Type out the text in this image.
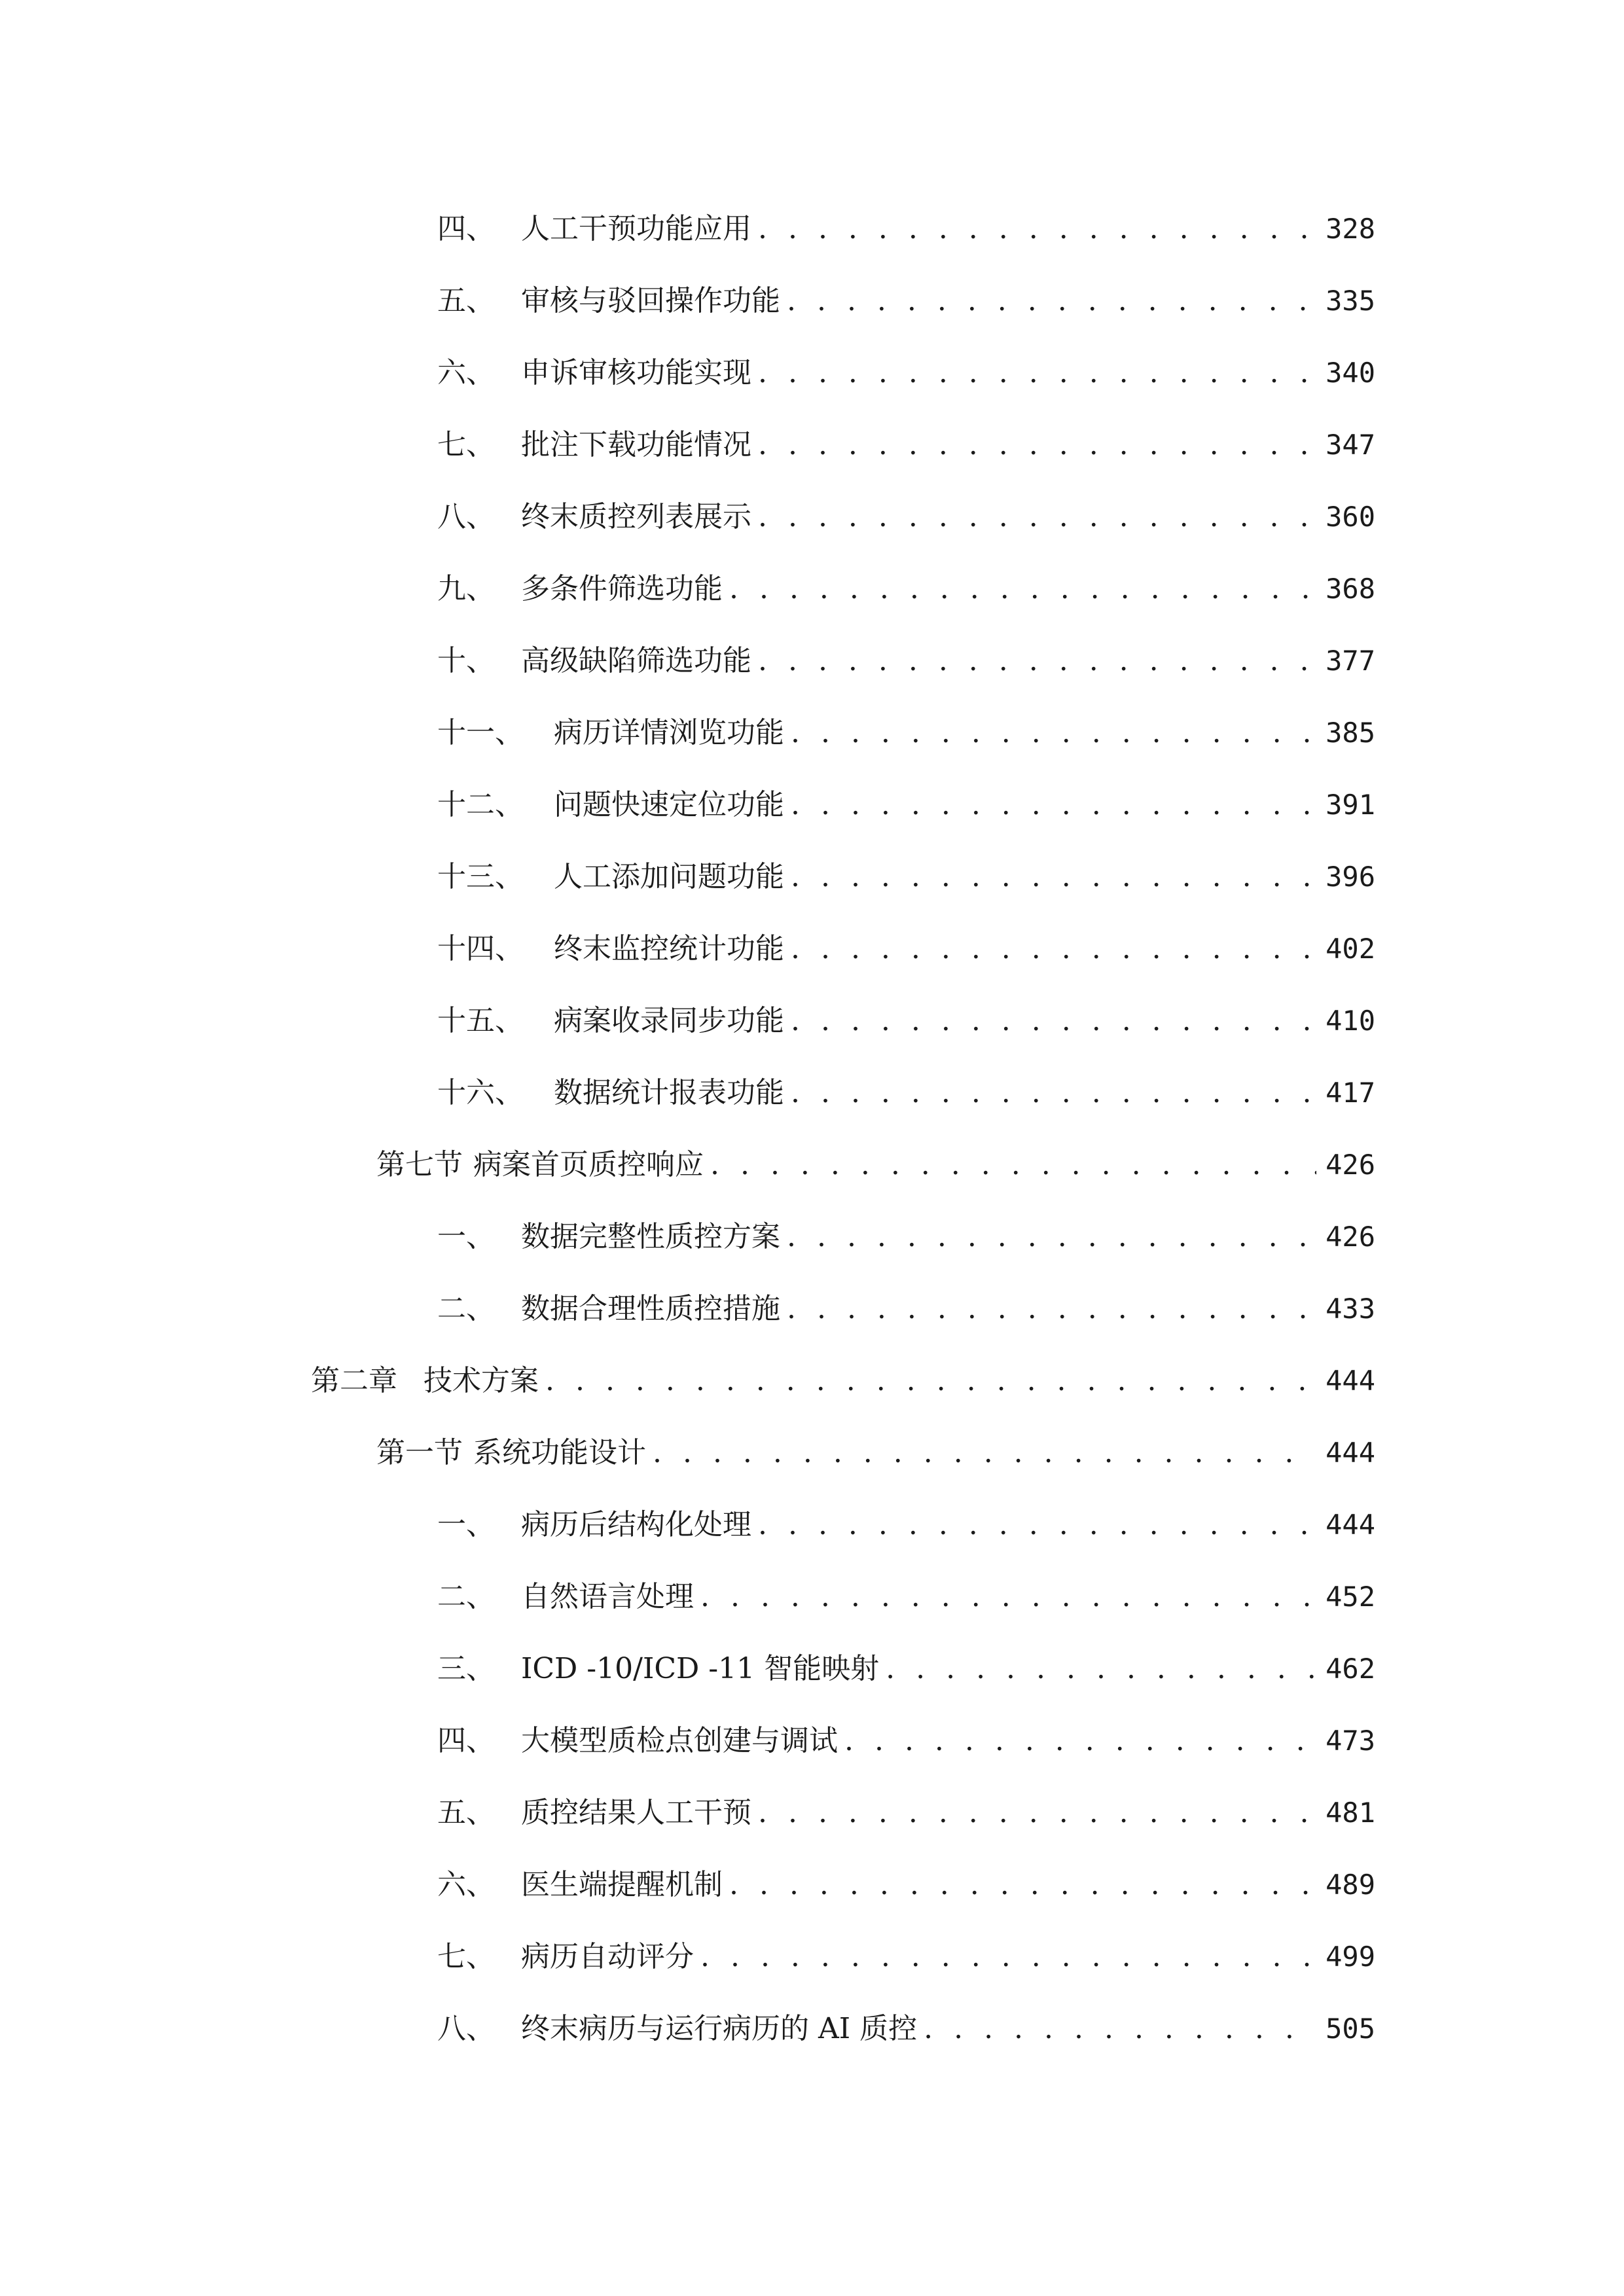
四、 人工干预功能应用 . . .	328
五、 审核与驳回操作功能 . . .	335
六、 申诉审核功能实现 . . .	340
七、 批注下载功能情况 . . .	347
八、 终末质控列表展示 . . .	360
九、 多条件筛选功能 . . .	368
十、 高级缺陷筛选功能 . . .	377
十一、	病历详情浏览功能 . . .	385
十二、	问题快速定位功能 . . .	391
十三、	人工添加问题功能 . . .	396
十四、	终末监控统计功能 . . .	402
十五、	病案收录同步功能 . . .	410
十六、	数据统计报表功能 . . .	417
第七节 病案首页质控响应 . . .	426
一、 数据完整性质控方案 . . .	426
二、 数据合理性质控措施 . . .	433
第二章 技术方案 . . .	444
第一节 系统功能设计 . . .	444
一、 病历后结构化处理 . . .	444
二、 自然语言处理 . . .	452
三、 ICD -10/ICD -11 智能映射 . . .	462
四、 大模型质检点创建与调试 . . .	473
五、 质控结果人工干预 . . .	481
六、 医生端提醒机制 . . .	489
七、 病历自动评分 . . .	499
八、 终末病历与运行病历的 AI 质控 . . .	505
